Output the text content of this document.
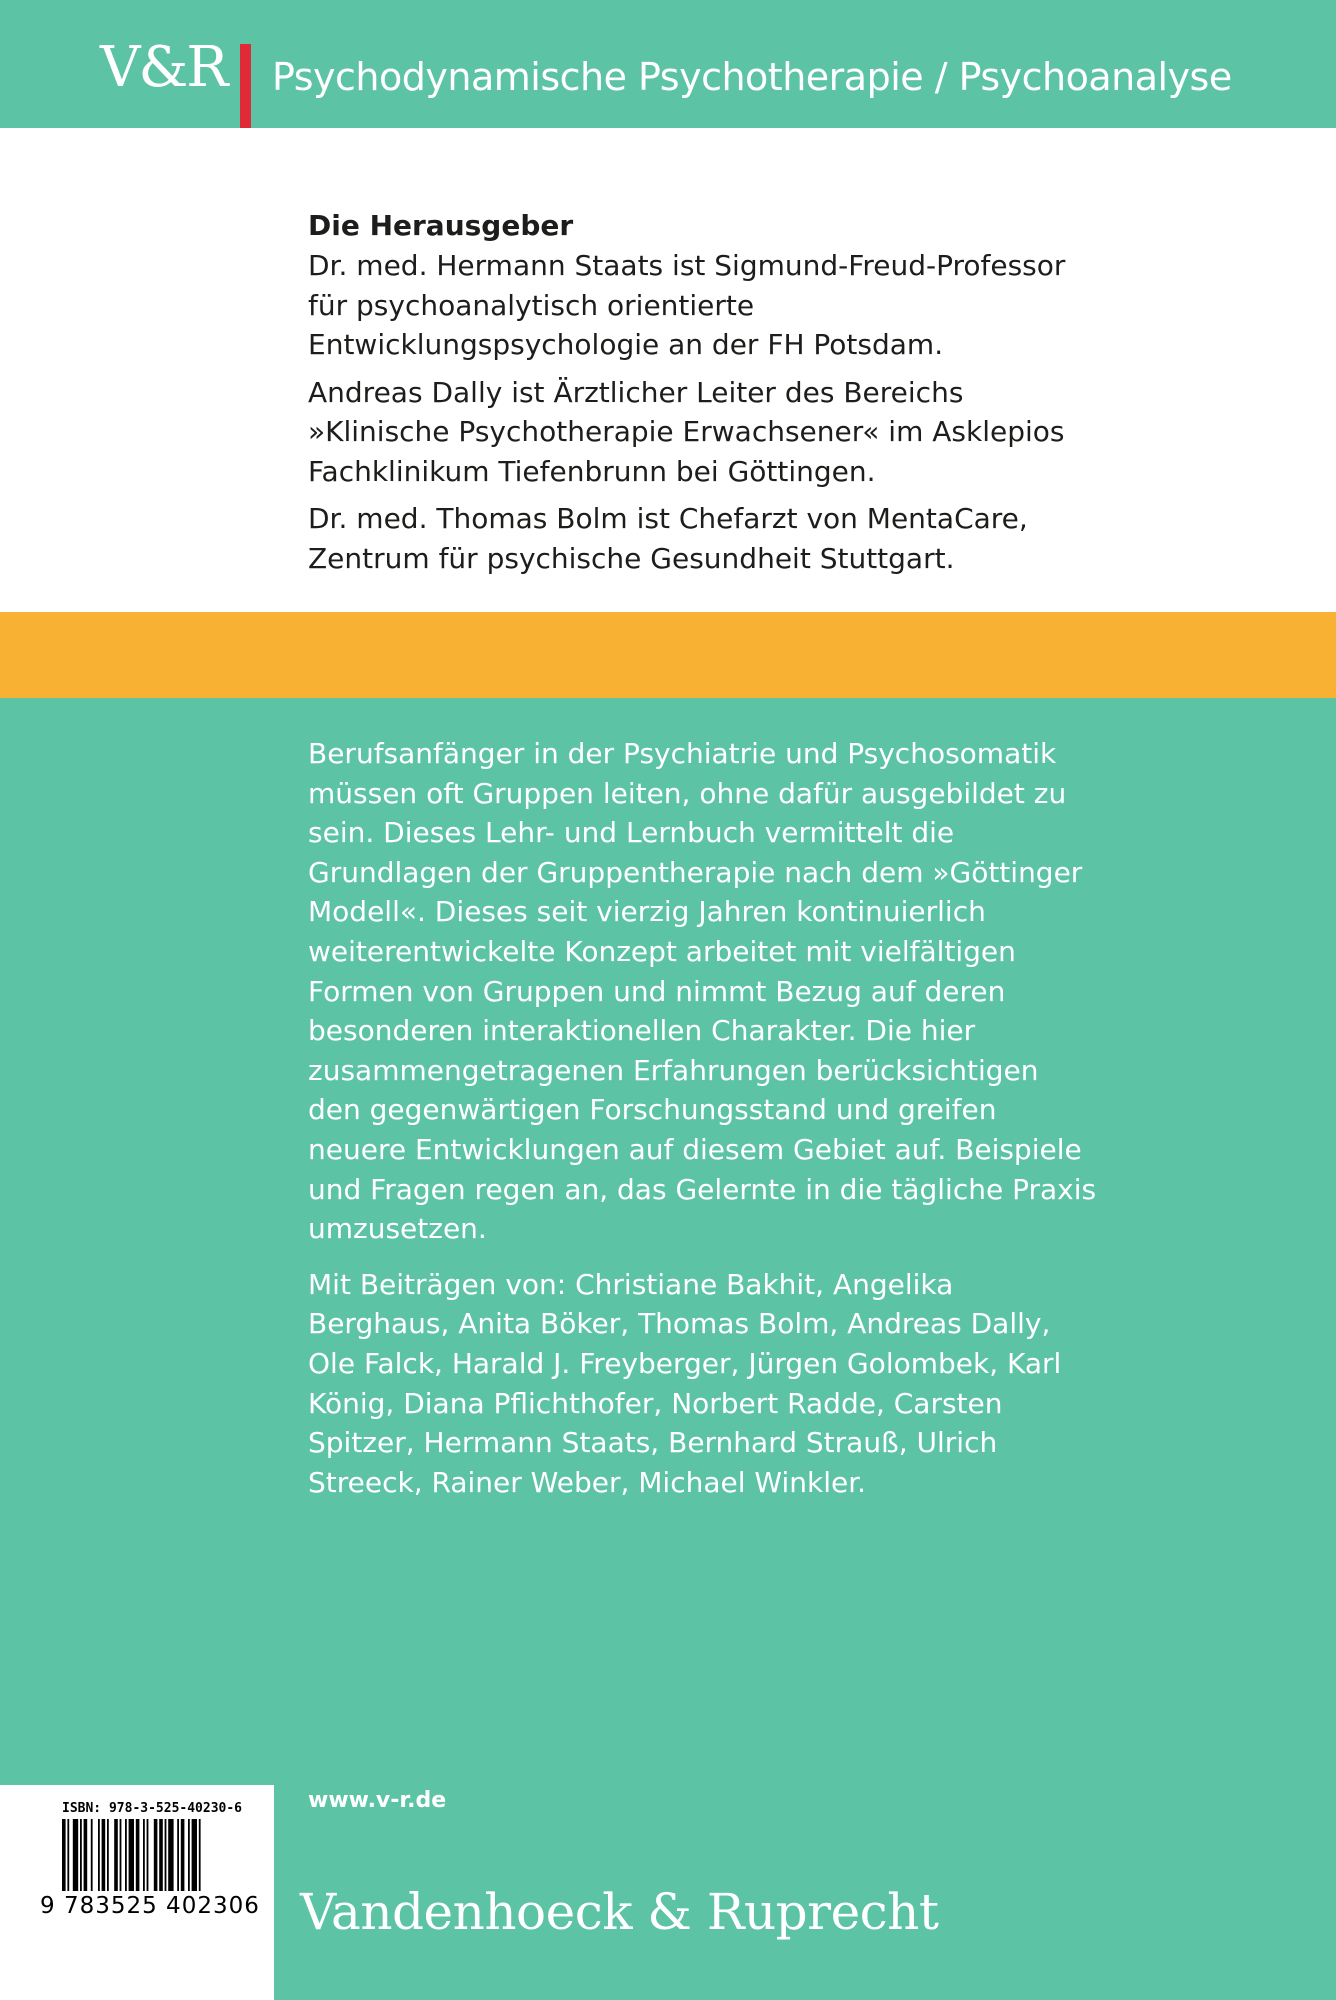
V&R Psychodynamische Psychotherapie / Psychoanalyse

Die Herausgeber

Dr. med. Hermann Staats ist Sigmund-Freud-Professor für psychoanalytisch orientierte Entwicklungspsychologie an der FH Potsdam.

Andreas Dally ist Ärztlicher Leiter des Bereichs »Klinische Psychotherapie Erwachsener« im Asklepios Fachklinikum Tiefenbrunn bei Göttingen.

Dr. med. Thomas Bolm ist Chefarzt von MentaCare, Zentrum für psychische Gesundheit Stuttgart.

Berufsanfänger in der Psychiatrie und Psychosomatik müssen oft Gruppen leiten, ohne dafür ausgebildet zu sein. Dieses Lehr- und Lernbuch vermittelt die Grundlagen der Gruppentherapie nach dem »Göttinger Modell«. Dieses seit vierzig Jahren kontinuierlich weiterentwickelte Konzept arbeitet mit vielfältigen Formen von Gruppen und nimmt Bezug auf deren besonderen interaktionellen Charakter. Die hier zusammengetragenen Erfahrungen berücksichtigen den gegenwärtigen Forschungsstand und greifen neuere Entwicklungen auf diesem Gebiet auf. Beispiele und Fragen regen an, das Gelernte in die tägliche Praxis umzusetzen.

Mit Beiträgen von: Christiane Bakhit, Angelika Berghaus, Anita Böker, Thomas Bolm, Andreas Dally, Ole Falck, Harald J. Freyberger, Jürgen Golombek, Karl König, Diana Pflichthofer, Norbert Radde, Carsten Spitzer, Hermann Staats, Bernhard Strauß, Ulrich Streeck, Rainer Weber, Michael Winkler.

ISBN: 978-3-525-40230-6
9 783525 402306
www.v-r.de
Vandenhoeck & Ruprecht
